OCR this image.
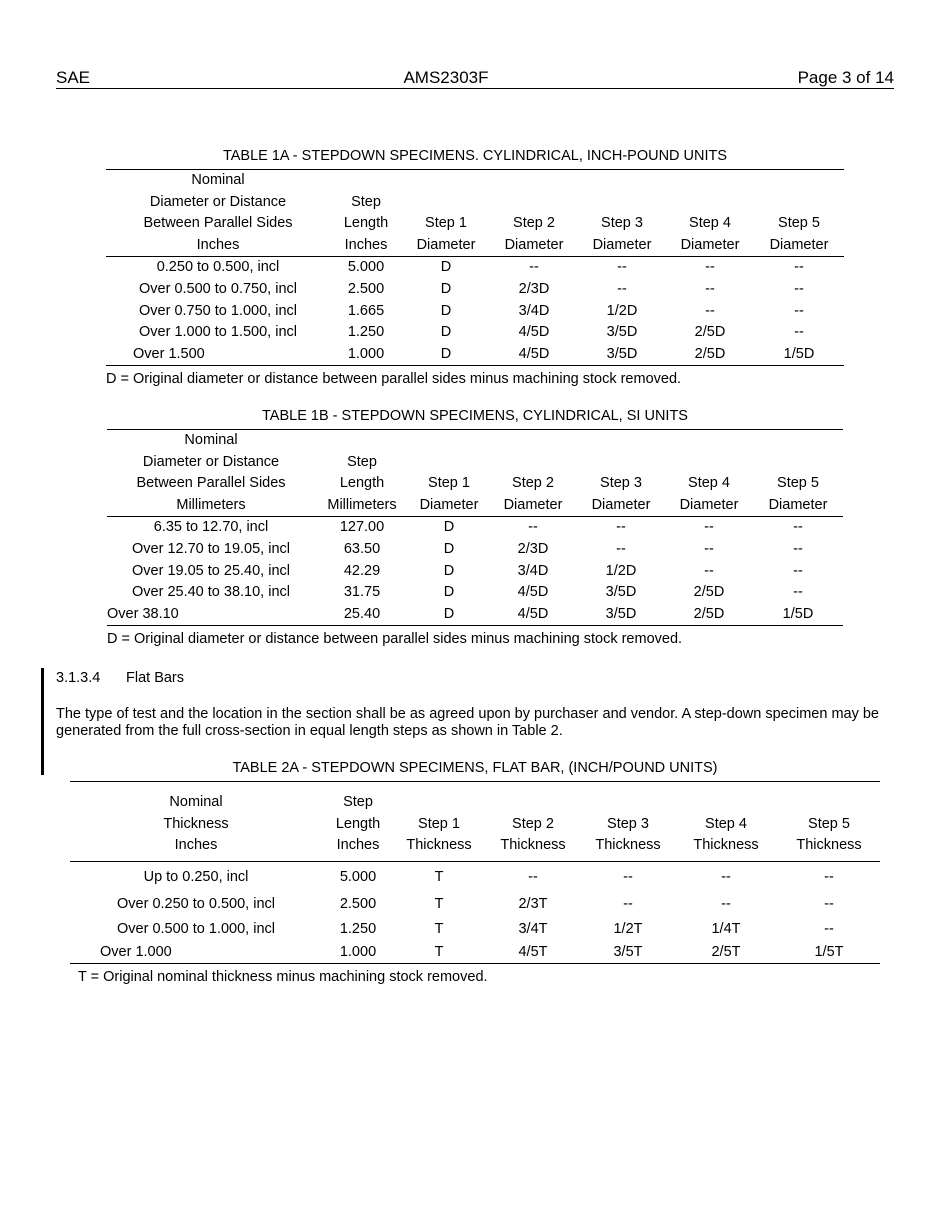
SAE	AMS2303F	Page 3 of 14
TABLE 1A - STEPDOWN SPECIMENS. CYLINDRICAL, INCH-POUND UNITS
Nominal						
Diameter or Distance	Step					
Between Parallel Sides	Length	Step 1	Step 2	Step 3	Step 4	Step 5
Inches	Inches	Diameter	Diameter	Diameter	Diameter	Diameter
0.250 to 0.500, incl	5.000	D	--	--	--	--
Over 0.500 to 0.750, incl	2.500	D	2/3D	--	--	--
Over 0.750 to 1.000, incl	1.665	D	3/4D	1/2D	--	--
Over 1.000 to 1.500, incl	1.250	D	4/5D	3/5D	2/5D	--
Over 1.500	1.000	D	4/5D	3/5D	2/5D	1/5D
D = Original diameter or distance between parallel sides minus machining stock removed.
TABLE 1B - STEPDOWN SPECIMENS, CYLINDRICAL, SI UNITS
Nominal						
Diameter or Distance	Step					
Between Parallel Sides	Length	Step 1	Step 2	Step 3	Step 4	Step 5
Millimeters	Millimeters	Diameter	Diameter	Diameter	Diameter	Diameter
6.35 to 12.70, incl	127.00	D	--	--	--	--
Over 12.70 to 19.05, incl	63.50	D	2/3D	--	--	--
Over 19.05 to 25.40, incl	42.29	D	3/4D	1/2D	--	--
Over 25.40 to 38.10, incl	31.75	D	4/5D	3/5D	2/5D	--
Over 38.10	25.40	D	4/5D	3/5D	2/5D	1/5D
D = Original diameter or distance between parallel sides minus machining stock removed.
3.1.3.4 Flat Bars
The type of test and the location in the section shall be as agreed upon by purchaser and vendor. A step-down specimen may be generated from the full cross-section in equal length steps as shown in Table 2.
TABLE 2A - STEPDOWN SPECIMENS, FLAT BAR, (INCH/POUND UNITS)
Nominal	Step					
Thickness	Length	Step 1	Step 2	Step 3	Step 4	Step 5
Inches	Inches	Thickness	Thickness	Thickness	Thickness	Thickness
Up to 0.250, incl	5.000	T	--	--	--	--
Over 0.250 to 0.500, incl	2.500	T	2/3T	--	--	--
Over 0.500 to 1.000, incl	1.250	T	3/4T	1/2T	1/4T	--
Over 1.000	1.000	T	4/5T	3/5T	2/5T	1/5T
T = Original nominal thickness minus machining stock removed.
